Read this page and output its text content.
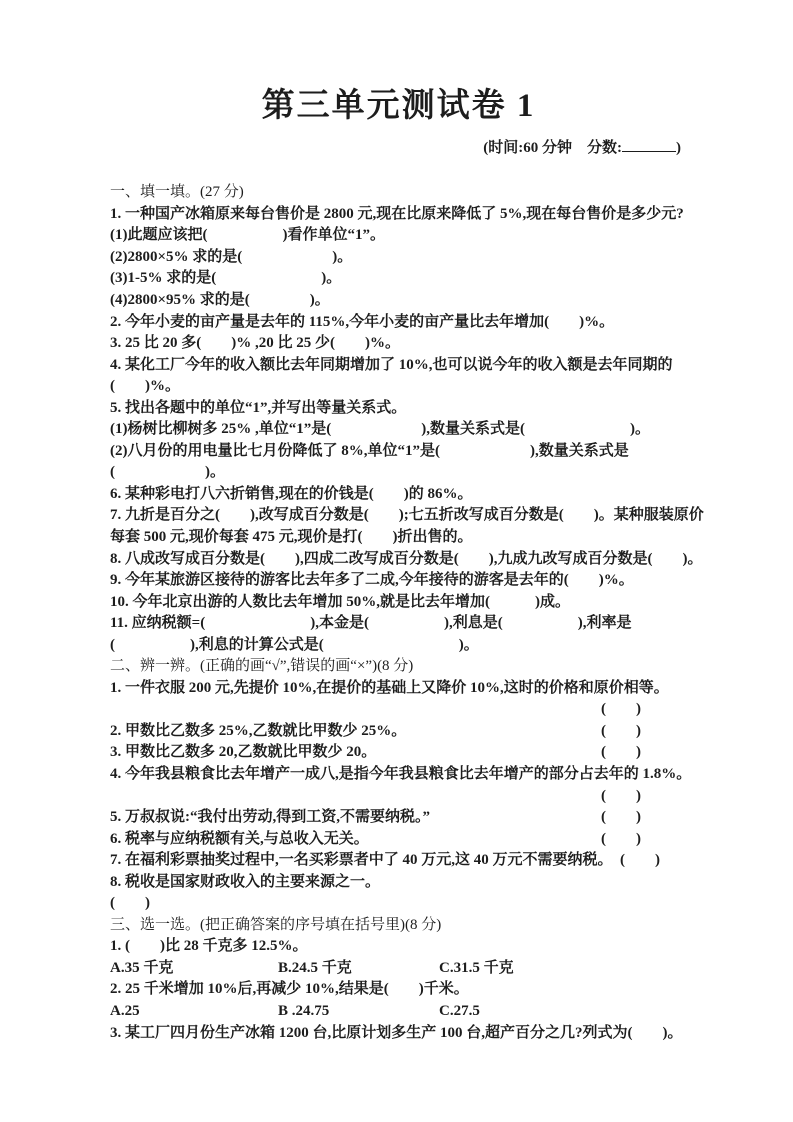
第三单元测试卷 1
(时间:60 分钟　分数:	)
一、填一填。(27 分)
1. 一种国产冰箱原来每台售价是 2800 元,现在比原来降低了 5%,现在每台售价是多少元?
(1)此题应该把(　　　　　)看作单位“1”。
(2)2800×5% 求的是(　　　　　　)。
(3)1-5% 求的是(　　　　　　　)。
(4)2800×95% 求的是(　　　　)。
2. 今年小麦的亩产量是去年的 115%,今年小麦的亩产量比去年增加(　　)%。
3. 25 比 20 多(　　)% ,20 比 25 少(　　)%。
4. 某化工厂今年的收入额比去年同期增加了 10%,也可以说今年的收入额是去年同期的
(　　)%。
5. 找出各题中的单位“1”,并写出等量关系式。
(1)杨树比柳树多 25% ,单位“1”是(　　　　　　),数量关系式是(　　　　　　　)。
(2)八月份的用电量比七月份降低了 8%,单位“1”是(　　　　　　),数量关系式是
(　　　　　　)。
6. 某种彩电打八六折销售,现在的价钱是(　　)的 86%。
7. 九折是百分之(　　),改写成百分数是(　　);七五折改写成百分数是(　　)。某种服装原价
每套 500 元,现价每套 475 元,现价是打(　　)折出售的。
8. 八成改写成百分数是(　　),四成二改写成百分数是(　　),九成九改写成百分数是(　　)。
9. 今年某旅游区接待的游客比去年多了二成,今年接待的游客是去年的(　　)%。
10. 今年北京出游的人数比去年增加 50%,就是比去年增加(　　　)成。
11. 应纳税额=(　　　　　　　),本金是(　　　　　),利息是(　　　　　),利率是
(　　　　　),利息的计算公式是(　　　　　　　　　)。
二、辨一辨。(正确的画“√”,错误的画“×”)(8 分)
1. 一件衣服 200 元,先提价 10%,在提价的基础上又降价 10%,这时的价格和原价相等。
(　　)
2. 甲数比乙数多 25%,乙数就比甲数少 25%。	(　　)
3. 甲数比乙数多 20,乙数就比甲数少 20。	(　　)
4. 今年我县粮食比去年增产一成八,是指今年我县粮食比去年增产的部分占去年的 1.8%。
(　　)
5. 万叔叔说:“我付出劳动,得到工资,不需要纳税。”	(　　)
6. 税率与应纳税额有关,与总收入无关。	(　　)
7. 在福利彩票抽奖过程中,一名买彩票者中了 40 万元,这 40 万元不需要纳税。　(　　)
8. 税收是国家财政收入的主要来源之一。
(　　)
三、选一选。(把正确答案的序号填在括号里)(8 分)
1. (　　)比 28 千克多 12.5%。
A.35 千克	B.24.5 千克	C.31.5 千克
2. 25 千米增加 10%后,再减少 10%,结果是(　　)千米。
A.25	B .24.75	C.27.5
3. 某工厂四月份生产冰箱 1200 台,比原计划多生产 100 台,超产百分之几?列式为(　　)。
